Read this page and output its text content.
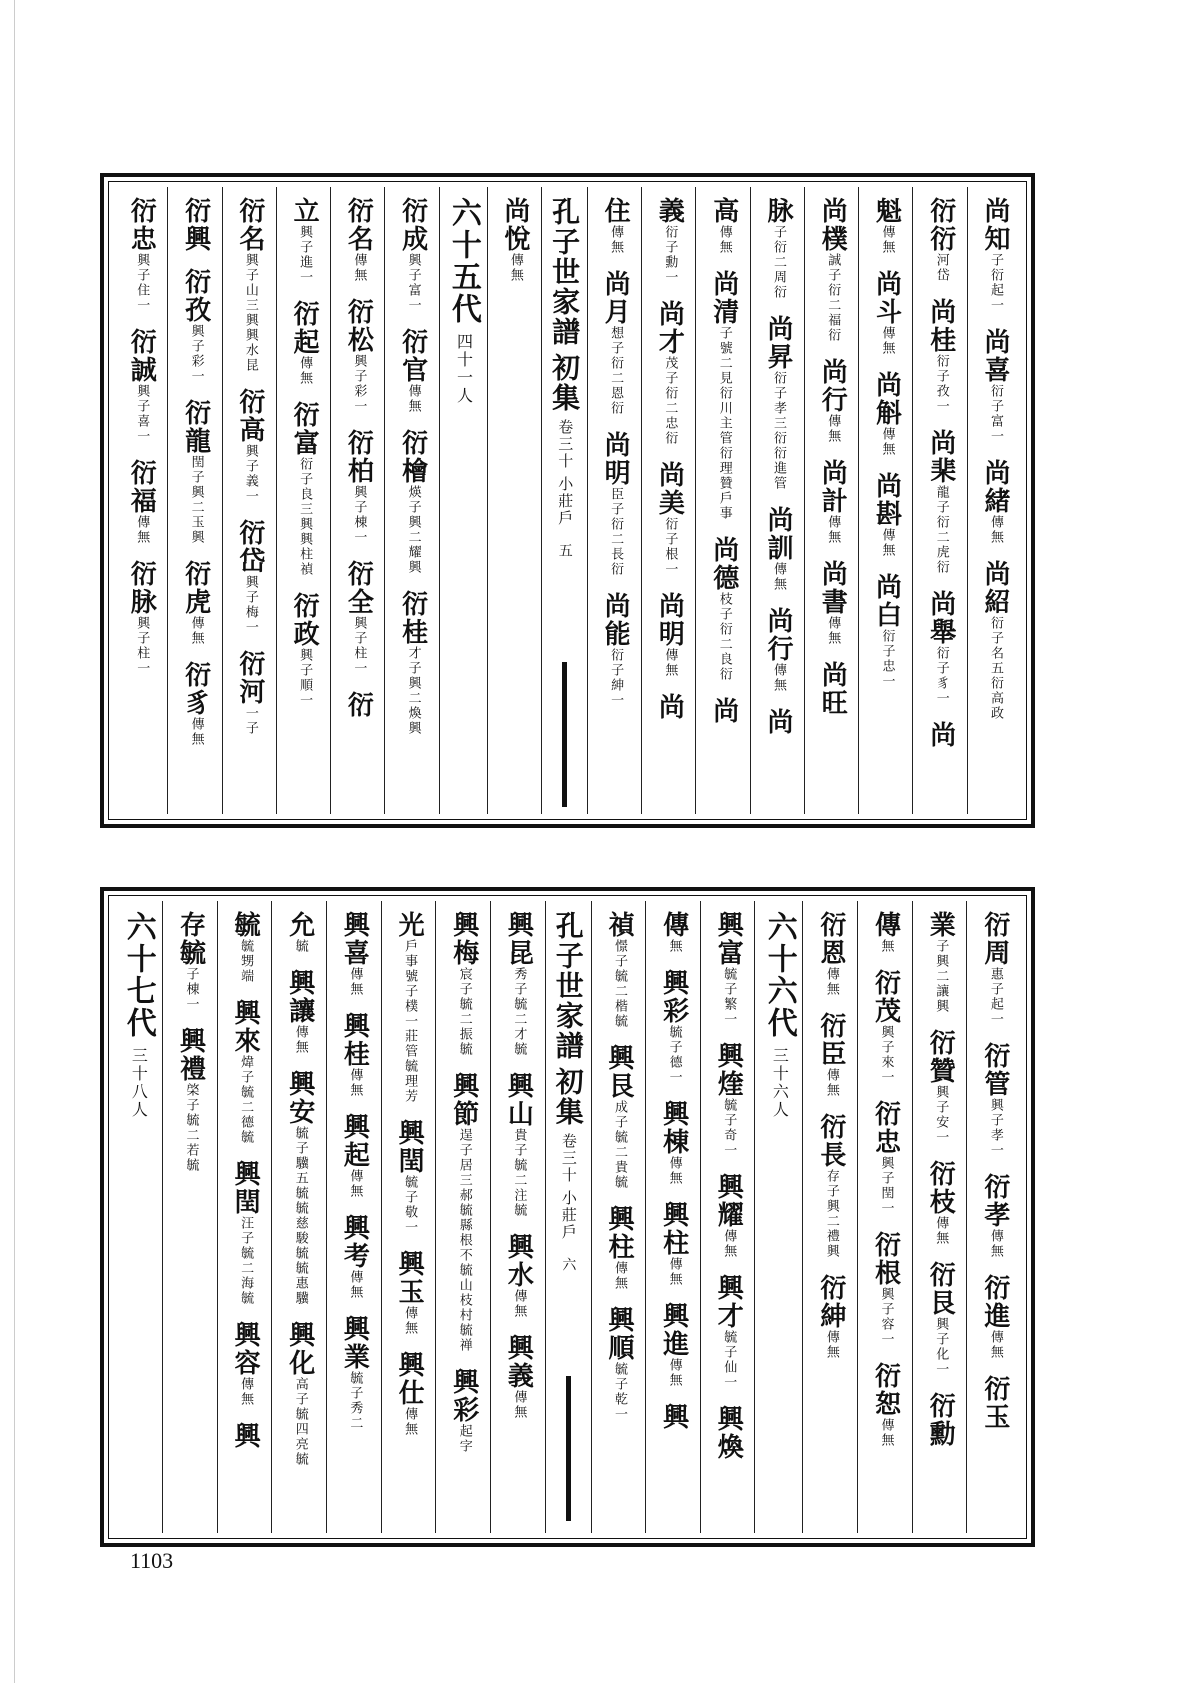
尚知子衍起一　尚喜衍子富一　尚緒傳無　尚紹衍子名五衍高政
衍衍河岱　尚桂衍子孜一　尚棐龍子衍二虎衍　尚舉衍子豸一　尚
魁傳無　尚斗傳無　尚斛傳無　尚斟傳無　尚白衍子忠一
尚樸誠子衍二福衍　尚行傳無　尚計傳無　尚書傳無　尚旺
脉子衍二周衍　尚昇衍子孝三衍衍進管　尚訓傳無　尚行傳無　尚
高傳無　尚清子號二見衍川主管衍理贊戶事　尚德枝子衍二良衍　尚
義衍子勳一　尚才茂子衍二忠衍　尚美衍子根一　尚明傳無　尚
住傳無　尚月想子衍二恩衍　尚明臣子衍二長衍　尚能衍子紳一
孔子世家譜
初集
卷三十
小莊戶
五
尚悅傳無
六十五代
四十一人
衍成興子富一　衍官傳無　衍檜煐子興二耀興　衍桂才子興二煥興
衍名傳無　衍松興子彩一　衍柏興子棟一　衍全興子柱一　衍
立興子進一　衍起傳無　衍富衍子良三興興柱禎　衍政興子順一
衍名興子山三興興水昆　衍高興子義一　衍岱興子梅一　衍河一子
衍興　衍孜興子彩一　衍龍閏子興二玉興　衍虎傳無　衍豸傳無
衍忠興子住一　衍誠興子喜一　衍福傳無　衍脉興子柱一
衍周惠子起一　衍管興子孝一　衍孝傳無　衍進傳無　衍玉
業子興二讓興　衍贊興子安一　衍枝傳無　衍艮興子化一　衍勳
傳無　衍茂興子來一　衍忠興子閏一　衍根興子容一　衍恕傳無
衍恩傳無　衍臣傳無　衍長存子興二禮興　衍紳傳無
六十六代
三十六人
興富毓子繁一　興煃毓子奇一　興耀傳無　興才毓子仙一　興煥
傳無　興彩毓子德一　興棟傳無　興柱傳無　興進傳無　興
禎憬子毓二楷毓　興艮成子毓二貴毓　興柱傳無　興順毓子乾一
孔子世家譜
初集
卷三十
小莊戶
六
興昆秀子毓二才毓　興山貴子毓二注毓　興水傳無　興義傳無
興梅宸子毓二振毓　興節逞子居三郝毓縣根不毓山枝村毓禅　興彩起字
光戶事號子樸一莊管毓理芳　興閏毓子敬一　興玉傳無　興仕傳無
興喜傳無　興桂傳無　興起傳無　興考傳無　興業毓子秀二
允毓　興讓傳無　興安毓子驥五毓毓慈駿毓毓惠驥　興化高子毓四亮毓
毓毓甥端　興來煒子毓二德毓　興閏汪子毓二海毓　興容傳無　興
存毓子棟一　興禮棨子毓二若毓
六十七代
三十八人
1103
